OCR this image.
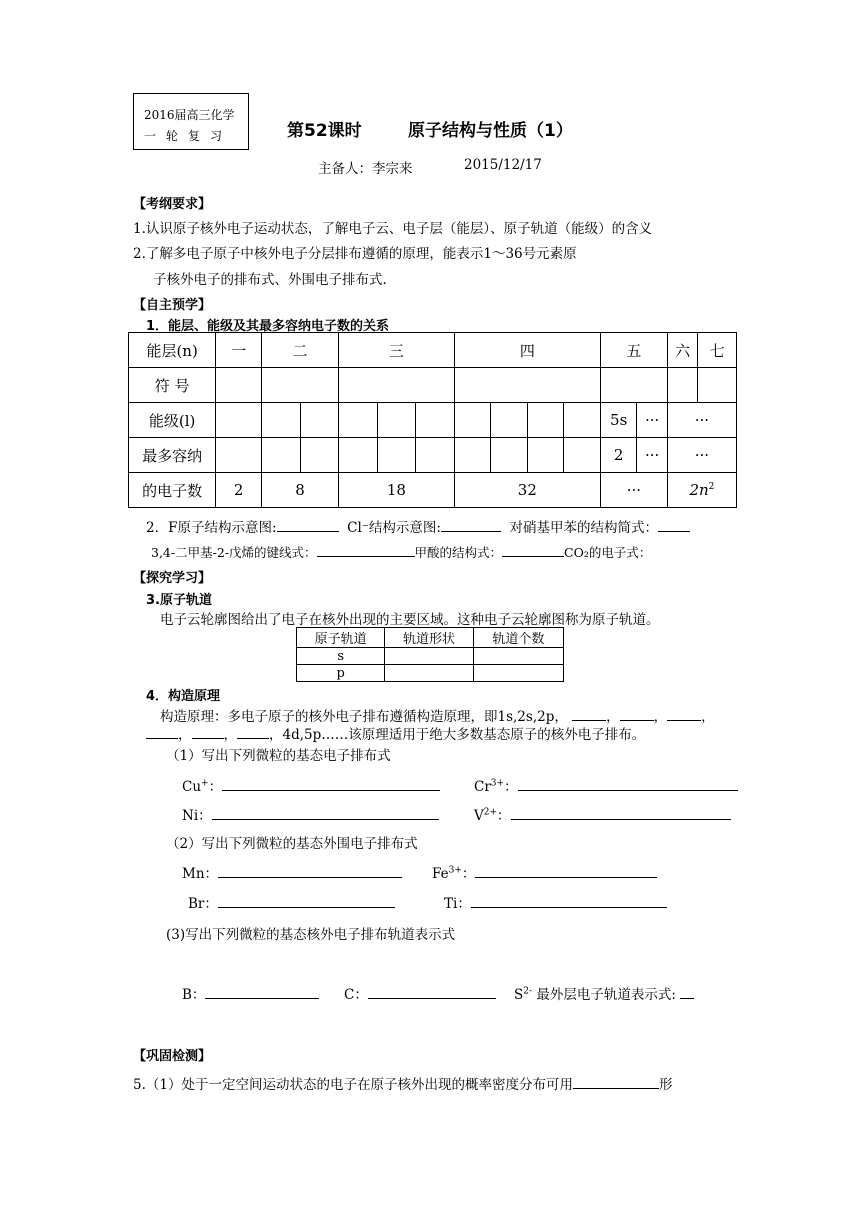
2016届高三化学
一轮复习	第52课时	原子结构与性质（1）
主备人：李宗来	2015/12/17
【考纲要求】
1.认识原子核外电子运动状态，了解电子云、电子层（能层）、原子轨道（能级）的含义
2.了解多电子原子中核外电子分层排布遵循的原理，能表示1～36号元素原
子核外电子的排布式、外围电子排布式.
【自主预学】
1．能层、能级及其最多容纳电子数的关系
能层(n)	一	二		三			四				五		六	七
符 号														
能级(l)											5s	···	···	
最多容纳											2	···	···	
的电子数	2	8		18			32				···		$2n^2$
2．F原子结构示意图:	Cl⁻结构示意图:	对硝基甲苯的结构简式：
3,4-二甲基-2-戊烯的键线式：	甲酸的结构式：	CO₂的电子式：
【探究学习】
3.原子轨道
电子云轮廓图给出了电子在核外出现的主要区域。这种电子云轮廓图称为原子轨道。
原子轨道	轨道形状	轨道个数
s		
p		
4．构造原理
构造原理：多电子原子的核外电子排布遵循构造原理，即1s,2s,2p，	，	，	，
， ， ，4d,5p……该原理适用于绝大多数基态原子的核外电子排布。
（1）写出下列微粒的基态电子排布式
Cu+：	$Cr^{3+}$：
Ni：	$V^{2+}$：
（2）写出下列微粒的基态外围电子排布式
Mn：	$Fe^{3+}$：
Br：	Ti：
(3)写出下列微粒的基态核外电子排布轨道表示式
B：	C：	$S^{2-}$ 最外层电子轨道表示式:
【巩固检测】
5.（1）处于一定空间运动状态的电子在原子核外出现的概率密度分布可用	形
